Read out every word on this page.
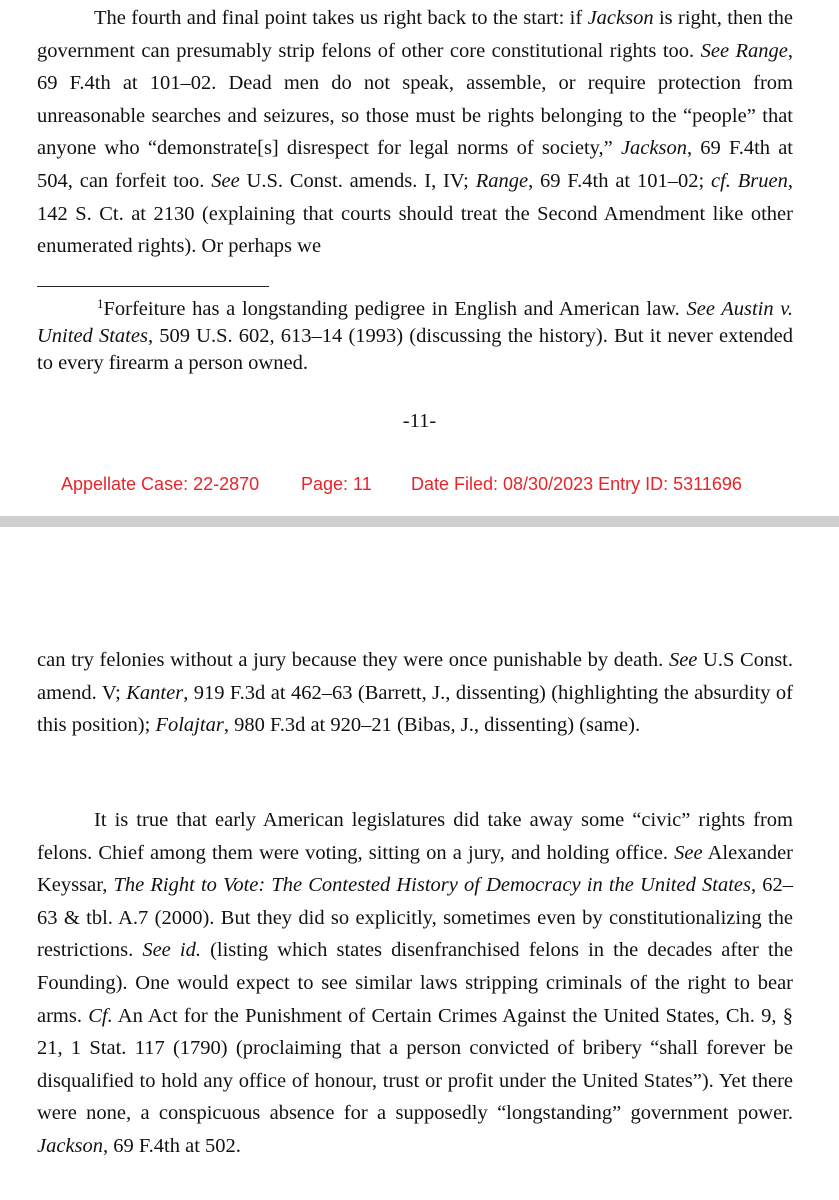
The fourth and final point takes us right back to the start: if Jackson is right, then the government can presumably strip felons of other core constitutional rights too. See Range, 69 F.4th at 101–02. Dead men do not speak, assemble, or require protection from unreasonable searches and seizures, so those must be rights belonging to the “people” that anyone who “demonstrate[s] disrespect for legal norms of society,” Jackson, 69 F.4th at 504, can forfeit too. See U.S. Const. amends. I, IV; Range, 69 F.4th at 101–02; cf. Bruen, 142 S. Ct. at 2130 (explaining that courts should treat the Second Amendment like other enumerated rights). Or perhaps we

$^1$Forfeiture has a longstanding pedigree in English and American law. See Austin v. United States, 509 U.S. 602, 613–14 (1993) (discussing the history). But it never extended to every firearm a person owned.

-11-
Appellate Case: 22-2870 Page: 11 Date Filed: 08/30/2023 Entry ID: 5311696

can try felonies without a jury because they were once punishable by death. See U.S Const. amend. V; Kanter, 919 F.3d at 462–63 (Barrett, J., dissenting) (highlighting the absurdity of this position); Folajtar, 980 F.3d at 920–21 (Bibas, J., dissenting) (same).

It is true that early American legislatures did take away some “civic” rights from felons. Chief among them were voting, sitting on a jury, and holding office. See Alexander Keyssar, The Right to Vote: The Contested History of Democracy in the United States, 62–63 & tbl. A.7 (2000). But they did so explicitly, sometimes even by constitutionalizing the restrictions. See id. (listing which states disenfranchised felons in the decades after the Founding). One would expect to see similar laws stripping criminals of the right to bear arms. Cf. An Act for the Punishment of Certain Crimes Against the United States, Ch. 9, § 21, 1 Stat. 117 (1790) (proclaiming that a person convicted of bribery “shall forever be disqualified to hold any office of honour, trust or profit under the United States”). Yet there were none, a conspicuous absence for a supposedly “longstanding” government power. Jackson, 69 F.4th at 502.
